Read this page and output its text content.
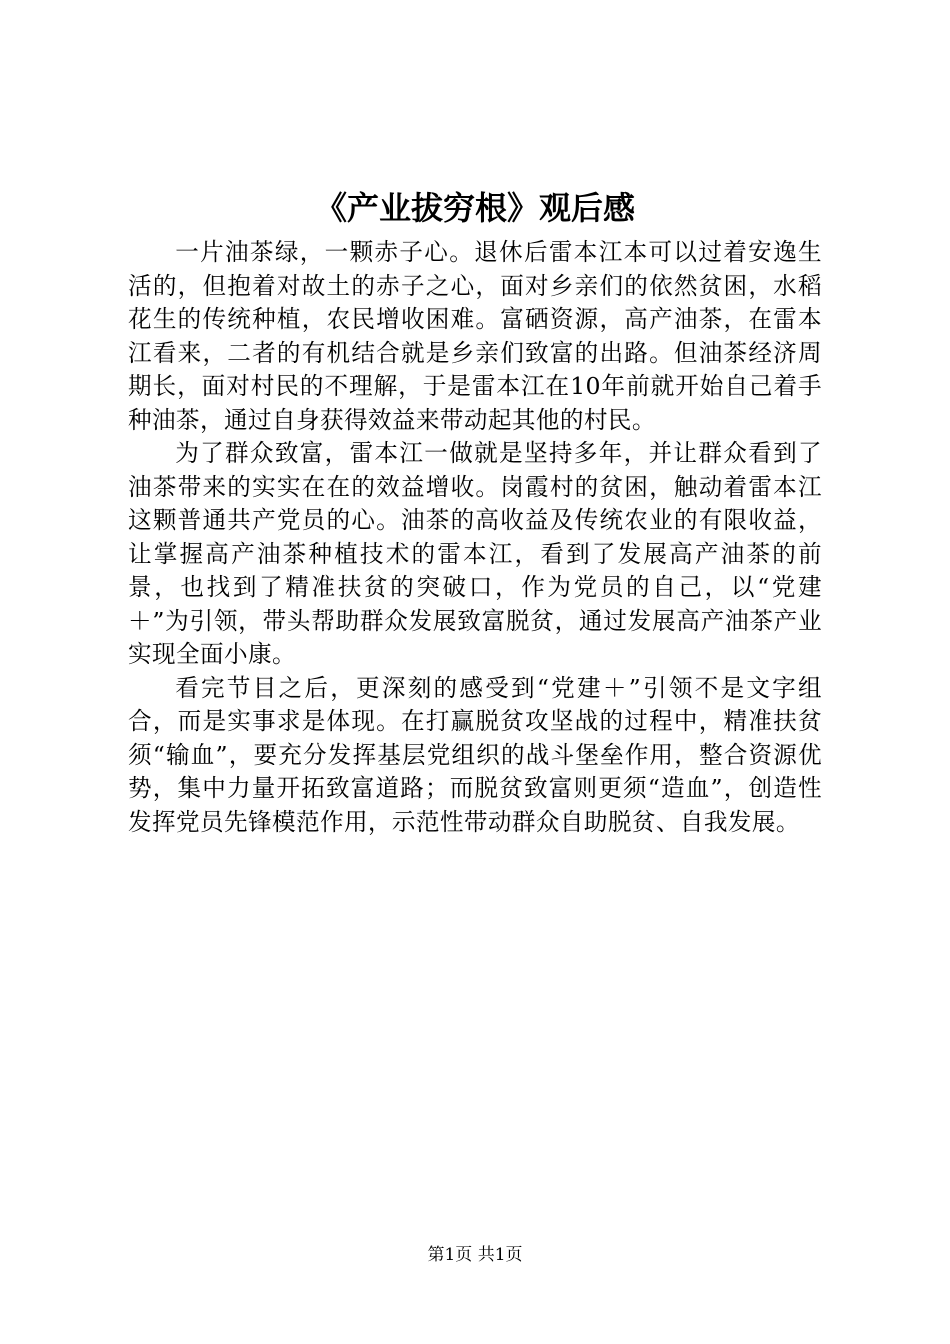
《产业拔穷根》观后感

一片油茶绿，一颗赤子心。退休后雷本江本可以过着安逸生活的，但抱着对故土的赤子之心，面对乡亲们的依然贫困，水稻花生的传统种植，农民增收困难。富硒资源，高产油茶，在雷本江看来，二者的有机结合就是乡亲们致富的出路。但油茶经济周期长，面对村民的不理解，于是雷本江在10年前就开始自己着手种油茶，通过自身获得效益来带动起其他的村民。

为了群众致富，雷本江一做就是坚持多年，并让群众看到了油茶带来的实实在在的效益增收。岗霞村的贫困，触动着雷本江这颗普通共产党员的心。油茶的高收益及传统农业的有限收益，让掌握高产油茶种植技术的雷本江，看到了发展高产油茶的前景，也找到了精准扶贫的突破口，作为党员的自己，以“党建＋”为引领，带头帮助群众发展致富脱贫，通过发展高产油茶产业实现全面小康。

看完节目之后，更深刻的感受到“党建＋”引领不是文字组合，而是实事求是体现。在打赢脱贫攻坚战的过程中，精准扶贫须“输血”，要充分发挥基层党组织的战斗堡垒作用，整合资源优势，集中力量开拓致富道路；而脱贫致富则更须“造血”，创造性发挥党员先锋模范作用，示范性带动群众自助脱贫、自我发展。

第1页 共1页
